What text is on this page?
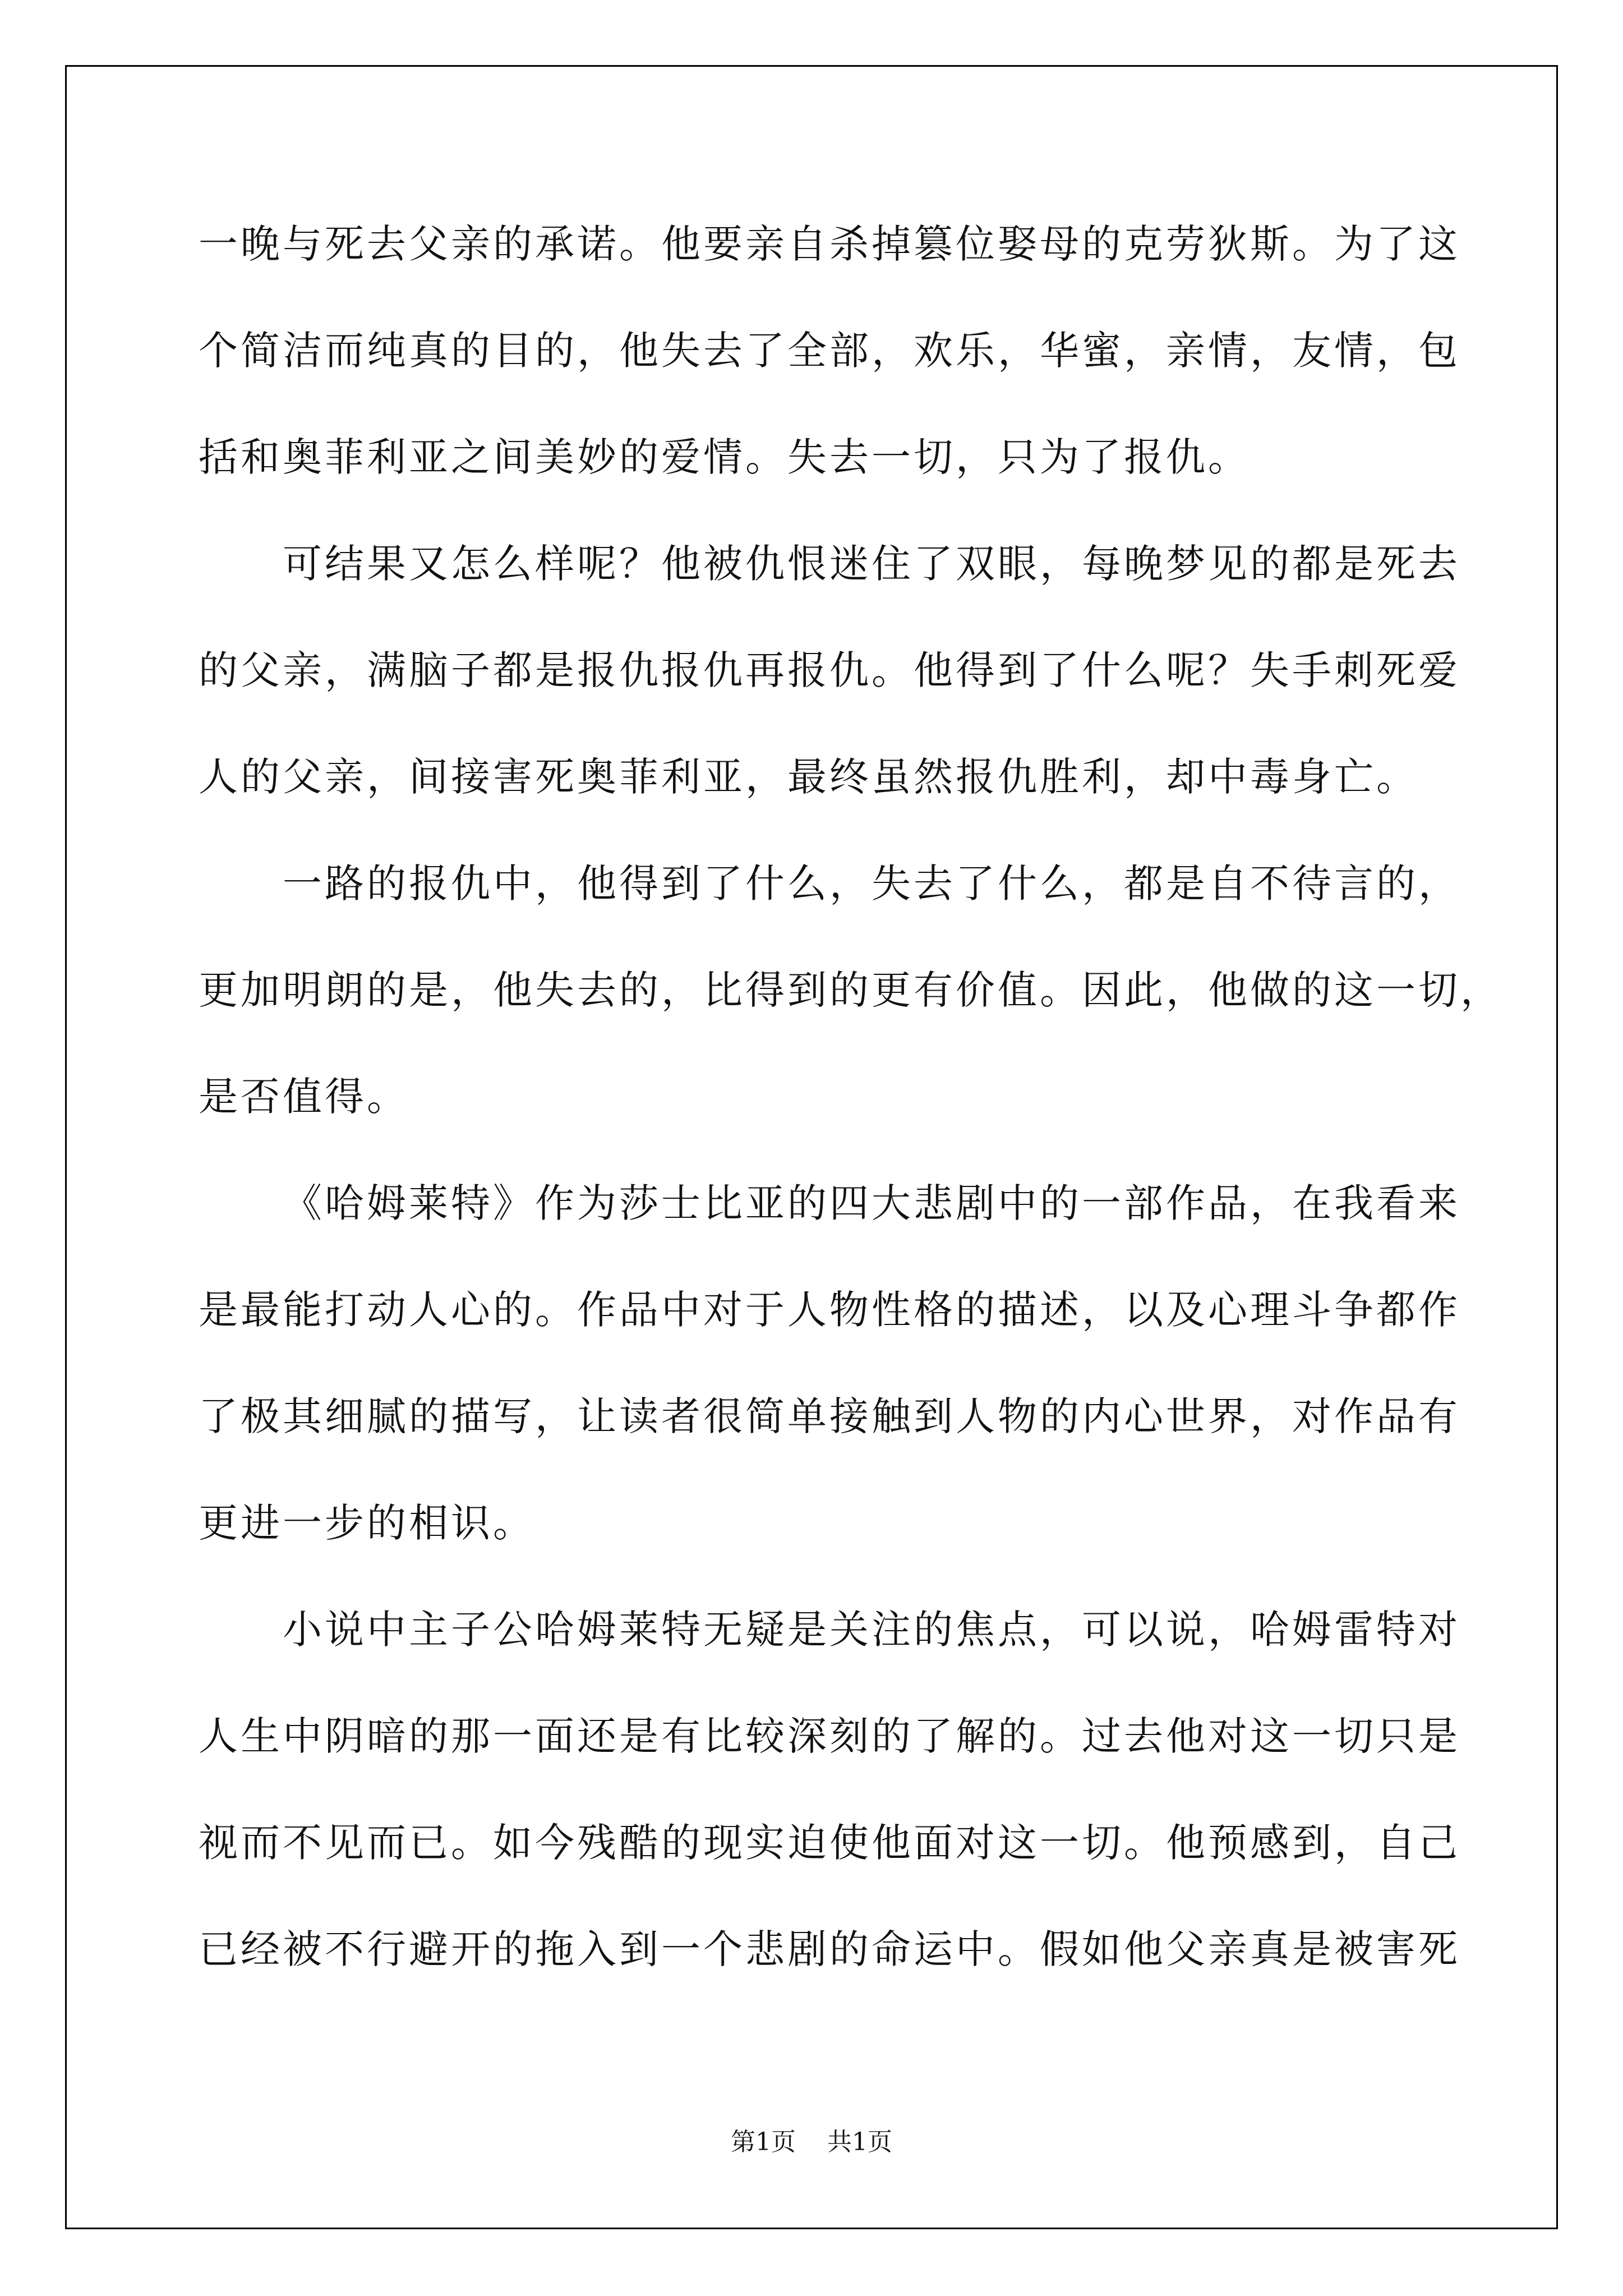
一晚与死去父亲的承诺。他要亲自杀掉篡位娶母的克劳狄斯。为了这
个简洁而纯真的目的，他失去了全部，欢乐，华蜜，亲情，友情，包
括和奥菲利亚之间美妙的爱情。失去一切，只为了报仇。
可结果又怎么样呢？他被仇恨迷住了双眼，每晚梦见的都是死去
的父亲，满脑子都是报仇报仇再报仇。他得到了什么呢？失手刺死爱
人的父亲，间接害死奥菲利亚，最终虽然报仇胜利，却中毒身亡。
一路的报仇中，他得到了什么，失去了什么，都是自不待言的，
更加明朗的是，他失去的，比得到的更有价值。因此，他做的这一切，
是否值得。
《哈姆莱特》作为莎士比亚的四大悲剧中的一部作品，在我看来
是最能打动人心的。作品中对于人物性格的描述，以及心理斗争都作
了极其细腻的描写，让读者很简单接触到人物的内心世界，对作品有
更进一步的相识。
小说中主子公哈姆莱特无疑是关注的焦点，可以说，哈姆雷特对
人生中阴暗的那一面还是有比较深刻的了解的。过去他对这一切只是
视而不见而已。如今残酷的现实迫使他面对这一切。他预感到，自己
已经被不行避开的拖入到一个悲剧的命运中。假如他父亲真是被害死
第1页 共1页
